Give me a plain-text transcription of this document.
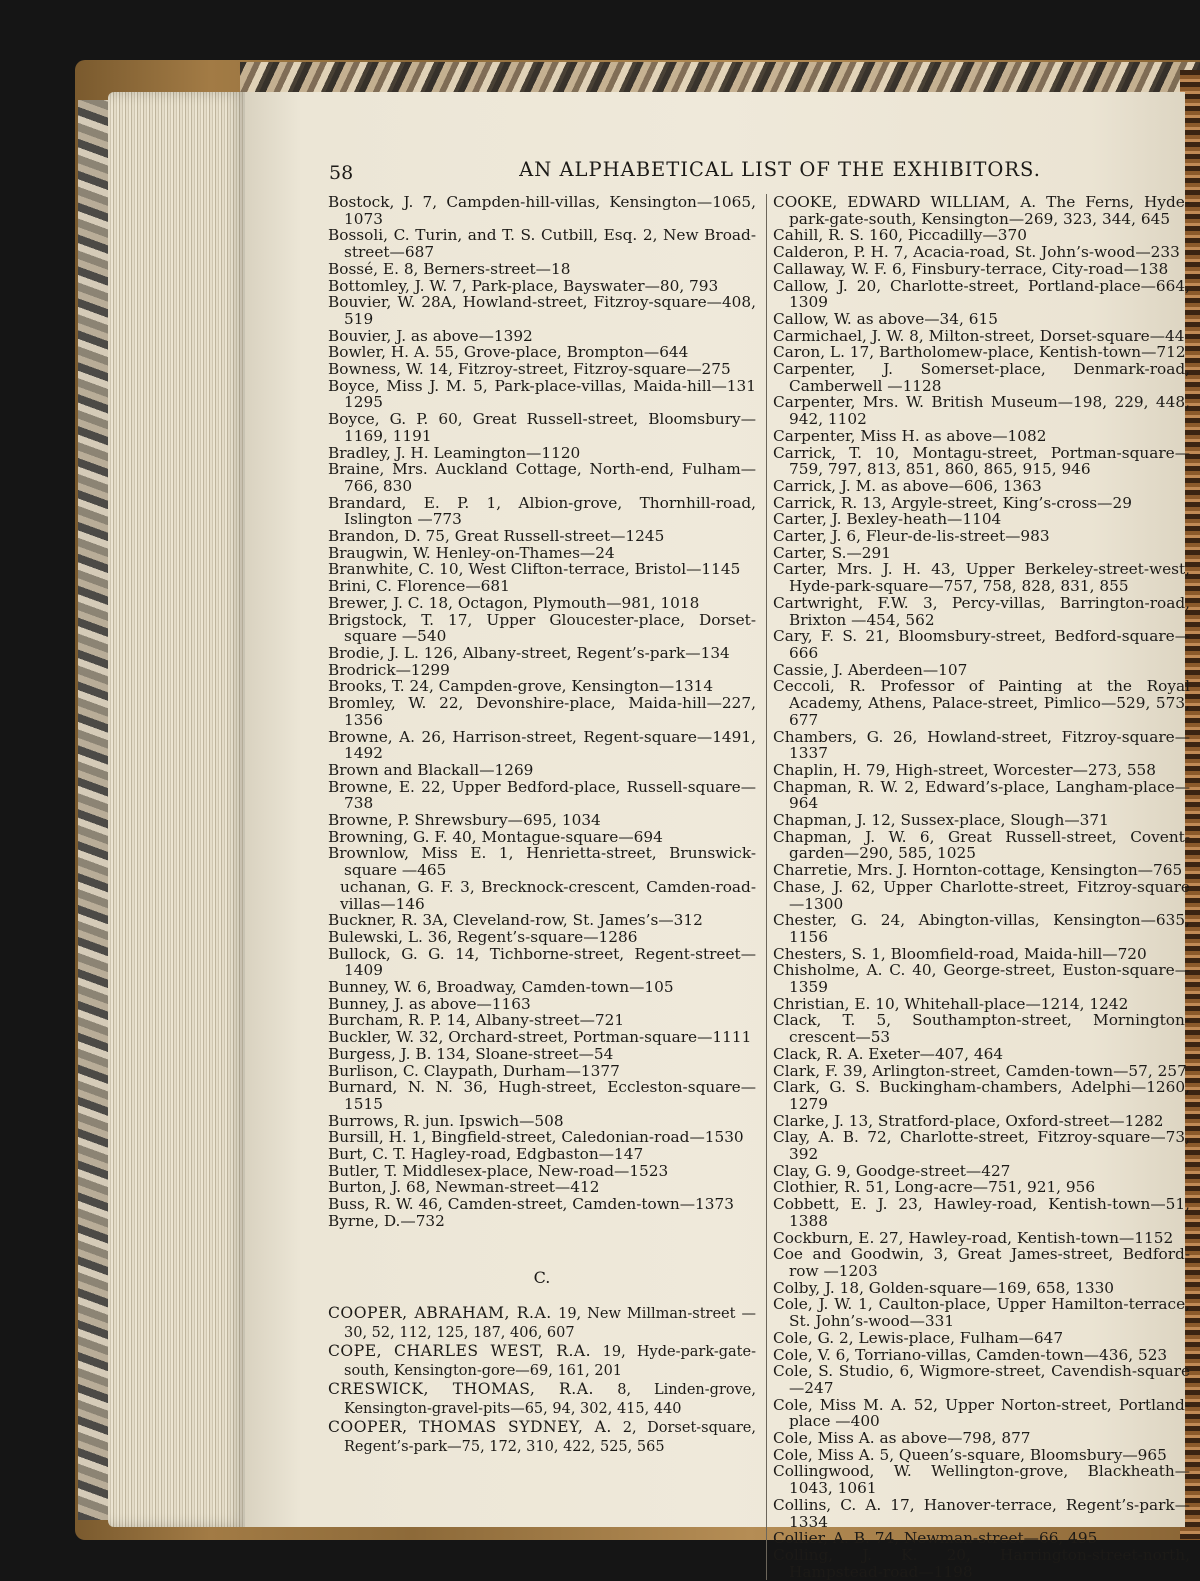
58	AN ALPHABETICAL LIST OF THE EXHIBITORS.

Bostock, J. 7, Campden-hill-villas, Kensington—1065, 1073

Bossoli, C. Turin, and T. S. Cutbill, Esq. 2, New Broad-street—687

Bossé, E. 8, Berners-street—18

Bottomley, J. W. 7, Park-place, Bayswater—80, 793

Bouvier, W. 28A, Howland-street, Fitzroy-square—408, 519

Bouvier, J. as above—1392

Bowler, H. A. 55, Grove-place, Brompton—644

Bowness, W. 14, Fitzroy-street, Fitzroy-square—275

Boyce, Miss J. M. 5, Park-place-villas, Maida-hill—131 1295

Boyce, G. P. 60, Great Russell-street, Bloomsbury—1169, 1191

Bradley, J. H. Leamington—1120

Braine, Mrs. Auckland Cottage, North-end, Fulham—766, 830

Brandard, E. P. 1, Albion-grove, Thornhill-road, Islington —773

Brandon, D. 75, Great Russell-street—1245

Braugwin, W. Henley-on-Thames—24

Branwhite, C. 10, West Clifton-terrace, Bristol—1145

Brini, C. Florence—681

Brewer, J. C. 18, Octagon, Plymouth—981, 1018

Brigstock, T. 17, Upper Gloucester-place, Dorset-square —540

Brodie, J. L. 126, Albany-street, Regent’s-park—134

Brodrick—1299

Brooks, T. 24, Campden-grove, Kensington—1314

Bromley, W. 22, Devonshire-place, Maida-hill—227, 1356

Browne, A. 26, Harrison-street, Regent-square—1491, 1492

Brown and Blackall—1269

Browne, E. 22, Upper Bedford-place, Russell-square—738

Browne, P. Shrewsbury—695, 1034

Browning, G. F. 40, Montague-square—694

Brownlow, Miss E. 1, Henrietta-street, Brunswick-square —465

uchanan, G. F. 3, Brecknock-crescent, Camden-road-villas—146

Buckner, R. 3A, Cleveland-row, St. James’s—312

Bulewski, L. 36, Regent’s-square—1286

Bullock, G. G. 14, Tichborne-street, Regent-street—1409

Bunney, W. 6, Broadway, Camden-town—105

Bunney, J. as above—1163

Burcham, R. P. 14, Albany-street—721

Buckler, W. 32, Orchard-street, Portman-square—1111

Burgess, J. B. 134, Sloane-street—54

Burlison, C. Claypath, Durham—1377

Burnard, N. N. 36, Hugh-street, Eccleston-square—1515

Burrows, R. jun. Ipswich—508

Bursill, H. 1, Bingfield-street, Caledonian-road—1530

Burt, C. T. Hagley-road, Edgbaston—147

Butler, T. Middlesex-place, New-road—1523

Burton, J. 68, Newman-street—412

Buss, R. W. 46, Camden-street, Camden-town—1373

Byrne, D.—732

C.

COOPER, ABRAHAM, R.A. 19, New Millman-street —30, 52, 112, 125, 187, 406, 607

COPE, CHARLES WEST, R.A. 19, Hyde-park-gate-south, Kensington-gore—69, 161, 201

CRESWICK, THOMAS, R.A. 8, Linden-grove, Kensington-gravel-pits—65, 94, 302, 415, 440

COOPER, THOMAS SYDNEY, A. 2, Dorset-square, Regent’s-park—75, 172, 310, 422, 525, 565

COOKE, EDWARD WILLIAM, A. The Ferns, Hyde-park-gate-south, Kensington—269, 323, 344, 645

Cahill, R. S. 160, Piccadilly—370

Calderon, P. H. 7, Acacia-road, St. John’s-wood—233

Callaway, W. F. 6, Finsbury-terrace, City-road—138

Callow, J. 20, Charlotte-street, Portland-place—664, 1309

Callow, W. as above—34, 615

Carmichael, J. W. 8, Milton-street, Dorset-square—44

Caron, L. 17, Bartholomew-place, Kentish-town—712

Carpenter, J. Somerset-place, Denmark-road, Camberwell —1128

Carpenter, Mrs. W. British Museum—198, 229, 448, 942, 1102

Carpenter, Miss H. as above—1082

Carrick, T. 10, Montagu-street, Portman-square—759, 797, 813, 851, 860, 865, 915, 946

Carrick, J. M. as above—606, 1363

Carrick, R. 13, Argyle-street, King’s-cross—29

Carter, J. Bexley-heath—1104

Carter, J. 6, Fleur-de-lis-street—983

Carter, S.—291

Carter, Mrs. J. H. 43, Upper Berkeley-street-west, Hyde-park-square—757, 758, 828, 831, 855

Cartwright, F.W. 3, Percy-villas, Barrington-road, Brixton —454, 562

Cary, F. S. 21, Bloomsbury-street, Bedford-square—666

Cassie, J. Aberdeen—107

Ceccoli, R. Professor of Painting at the Royal Academy, Athens, Palace-street, Pimlico—529, 573, 677

Chambers, G. 26, Howland-street, Fitzroy-square—1337

Chaplin, H. 79, High-street, Worcester—273, 558

Chapman, R. W. 2, Edward’s-place, Langham-place—964

Chapman, J. 12, Sussex-place, Slough—371

Chapman, J. W. 6, Great Russell-street, Covent-garden—290, 585, 1025

Charretie, Mrs. J. Hornton-cottage, Kensington—765

Chase, J. 62, Upper Charlotte-street, Fitzroy-square—1300

Chester, G. 24, Abington-villas, Kensington—635, 1156

Chesters, S. 1, Bloomfield-road, Maida-hill—720

Chisholme, A. C. 40, George-street, Euston-square—1359

Christian, E. 10, Whitehall-place—1214, 1242

Clack, T. 5, Southampton-street, Mornington-crescent—53

Clack, R. A. Exeter—407, 464

Clark, F. 39, Arlington-street, Camden-town—57, 257

Clark, G. S. Buckingham-chambers, Adelphi—1260, 1279

Clarke, J. 13, Stratford-place, Oxford-street—1282

Clay, A. B. 72, Charlotte-street, Fitzroy-square—73, 392

Clay, G. 9, Goodge-street—427

Clothier, R. 51, Long-acre—751, 921, 956

Cobbett, E. J. 23, Hawley-road, Kentish-town—51, 1388

Cockburn, E. 27, Hawley-road, Kentish-town—1152

Coe and Goodwin, 3, Great James-street, Bedford-row —1203

Colby, J. 18, Golden-square—169, 658, 1330

Cole, J. W. 1, Caulton-place, Upper Hamilton-terrace, St. John’s-wood—331

Cole, G. 2, Lewis-place, Fulham—647

Cole, V. 6, Torriano-villas, Camden-town—436, 523

Cole, S. Studio, 6, Wigmore-street, Cavendish-square—247

Cole, Miss M. A. 52, Upper Norton-street, Portland-place —400

Cole, Miss A. as above—798, 877

Cole, Miss A. 5, Queen’s-square, Bloomsbury—965

Collingwood, W. Wellington-grove, Blackheath—1043, 1061

Collins, C. A. 17, Hanover-terrace, Regent’s-park—1334

Collier, A. B. 74, Newman-street—66, 495

Colling, J. K. 20, Harrington-street-north, Hampstead-road—1198
